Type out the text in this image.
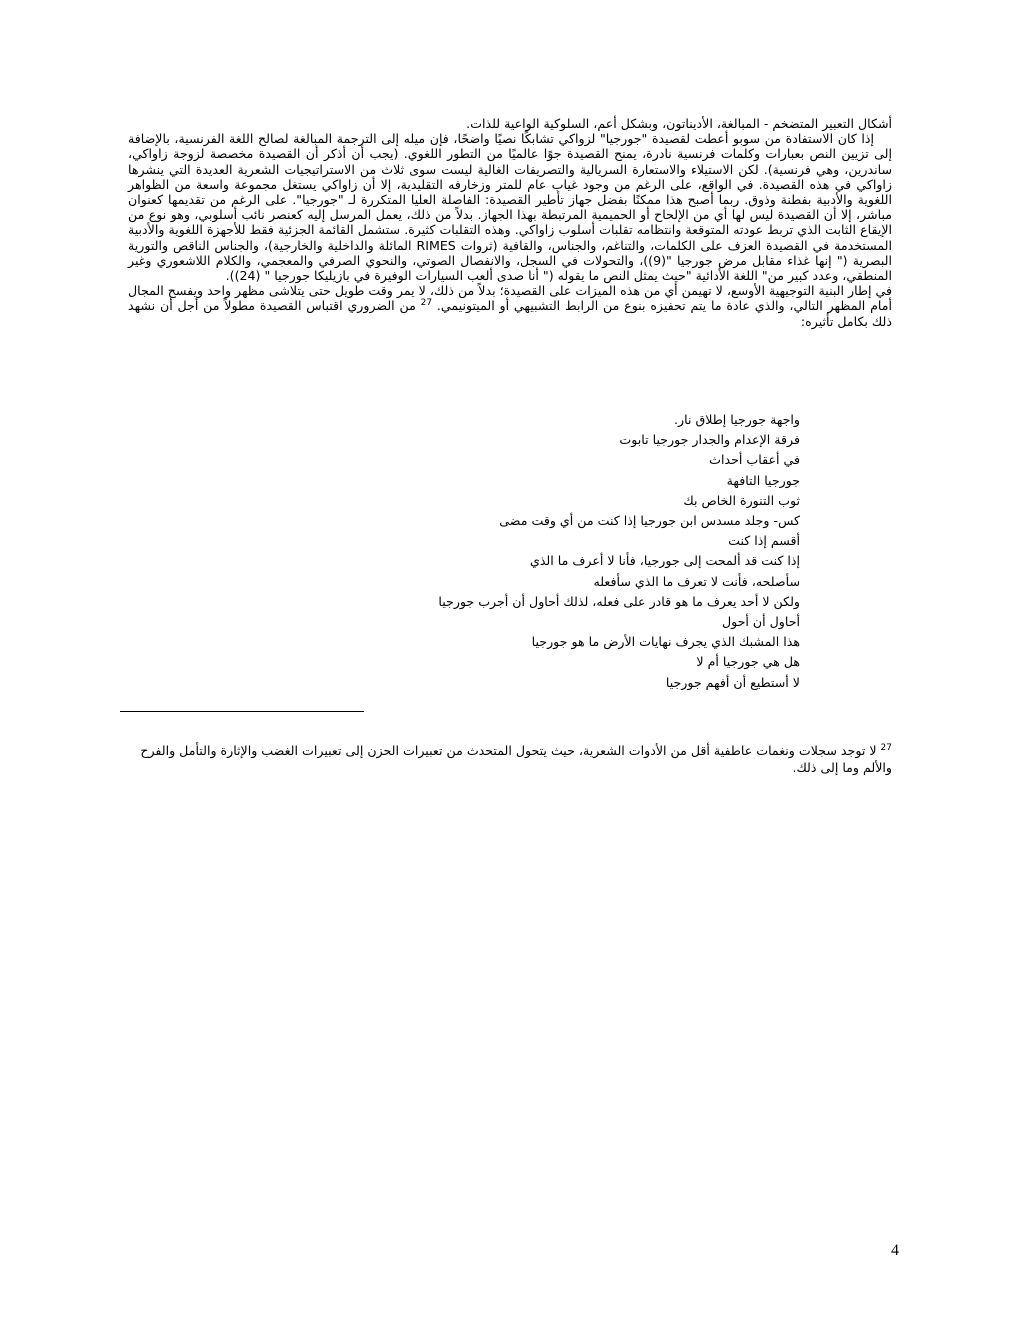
أشكال التعبير المتضخم - المبالغة، الأديناتون، وبشكل أعم، السلوكية الواعية للذات.

إذا كان الاستفادة من سوبو أعطت لقصيدة "جورجيا" لزواكي تشابكًا نصيًا واضحًا، فإن ميله إلى الترجمة المبالغة لصالح اللغة الفرنسية، بالإضافة إلى تزيين النص بعبارات وكلمات فرنسية نادرة، يمنح القصيدة جوًا عالميًا من التطور اللغوي. (يجب أن أذكر أن القصيدة مخصصة لزوجة زاواكي، ساندرين، وهي فرنسية). لكن الاستيلاء والاستعارة السريالية والتصريفات الغالية ليست سوى ثلاث من الاستراتيجيات الشعرية العديدة التي ينشرها زاواكي في هذه القصيدة. في الواقع، على الرغم من وجود غياب عام للمتر وزخارفه التقليدية، إلا أن زاواكي يستغل مجموعة واسعة من الظواهر اللغوية والأدبية بفطنة وذوق. ربما أصبح هذا ممكنًا بفضل جهاز تأطير القصيدة: الفاصلة العليا المتكررة لـ "جورجيا". على الرغم من تقديمها كعنوان مباشر، إلا أن القصيدة ليس لها أي من الإلحاح أو الحميمية المرتبطة بهذا الجهاز. بدلاً من ذلك، يعمل المرسل إليه كعنصر نائب أسلوبي، وهو نوع من الإيقاع الثابت الذي تربط عودته المتوقعة وانتظامه تقلبات أسلوب زاواكي. وهذه التقلبات كثيرة. ستشمل القائمة الجزئية فقط للأجهزة اللغوية والأدبية المستخدمة في القصيدة العزف على الكلمات، والتناغم، والجناس، والقافية (ثروات RIMES المائلة والداخلية والخارجية)، والجناس الناقص والتورية البصرية (" إنها غذاء مقابل مرض جورجيا "(9))، والتحولات في السجل، والانفصال الصوتي، والنحوي الصرفي والمعجمي، والكلام اللاشعوري وغير المنطقي، وعدد كبير من" اللغة الأدائية "حيث يمثل النص ما يقوله (" أنا صدى ألعب السيارات الوفيرة في بازيليكا جورجيا " (24)).

في إطار البنية التوجيهية الأوسع، لا تهيمن أي من هذه الميزات على القصيدة؛ بدلاً من ذلك، لا يمر وقت طويل حتى يتلاشى مظهر واحد ويفسح المجال أمام المظهر التالي، والذي عادة ما يتم تحفيزه بنوع من الرابط التشبيهي أو الميتونيمي. $^{27}$ من الضروري اقتباس القصيدة مطولاً من أجل أن نشهد ذلك بكامل تأثيره:

واجهة جورجيا إطلاق نار.
فرقة الإعدام والجدار جورجيا تابوت
في أعقاب أحداث
جورجيا التافهة
ثوب التنورة الخاص بك
كس- وجلد مسدس ابن جورجيا إذا كنت من أي وقت مضى
أقسم إذا كنت
إذا كنت قد ألمحت إلى جورجيا، فأنا لا أعرف ما الذي
سأصلحه، فأنت لا تعرف ما الذي سأفعله
ولكن لا أحد يعرف ما هو قادر على فعله، لذلك أحاول أن أجرب جورجيا
أحاول أن أحول
هذا المشبك الذي يجرف نهايات الأرض ما هو جورجيا
هل هي جورجيا أم لا
لا أستطيع أن أفهم جورجيا
$^{27}$ لا توجد سجلات ونغمات عاطفية أقل من الأدوات الشعرية، حيث يتحول المتحدث من تعبيرات الحزن إلى تعبيرات الغضب والإثارة والتأمل والفرح والألم وما إلى ذلك.
4
